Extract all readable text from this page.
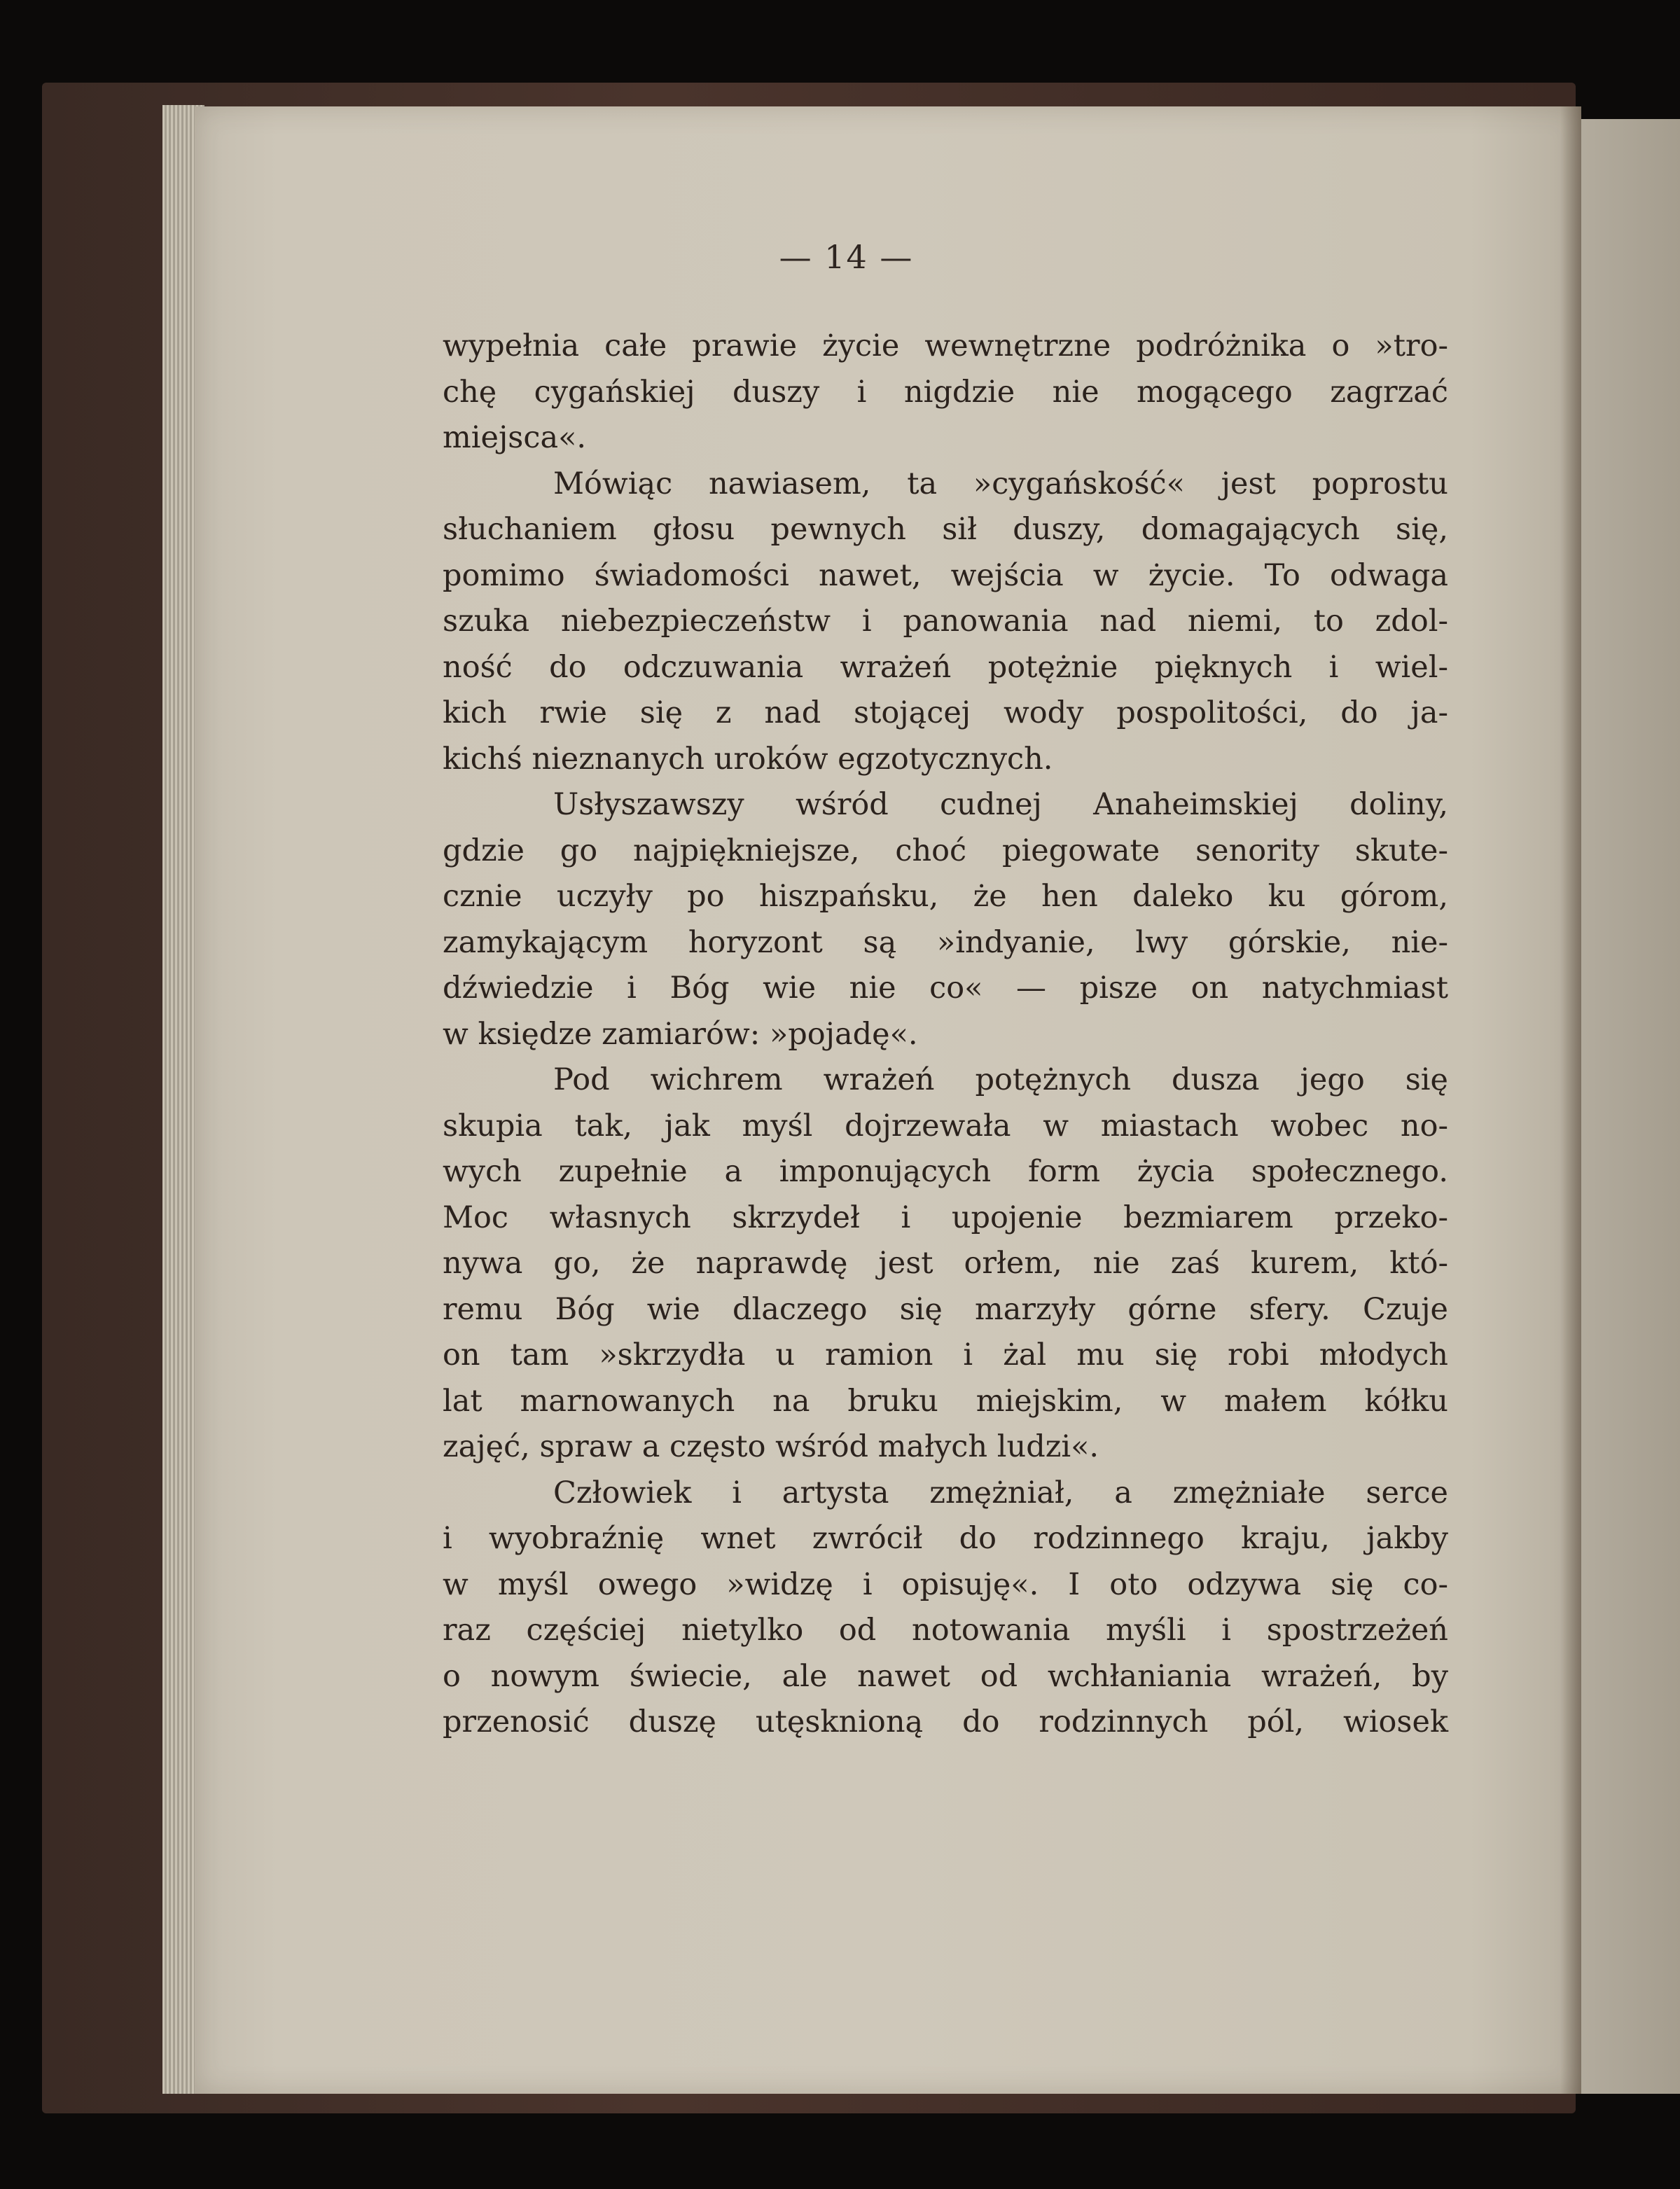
— 14 —

wypełnia całe prawie życie wewnętrzne podróżnika o »tro-
chę cygańskiej duszy i nigdzie nie mogącego zagrzać
miejsca«.
Mówiąc nawiasem, ta »cygańskość« jest poprostu
słuchaniem głosu pewnych sił duszy, domagających się,
pomimo świadomości nawet, wejścia w życie. To odwaga
szuka niebezpieczeństw i panowania nad niemi, to zdol-
ność do odczuwania wrażeń potężnie pięknych i wiel-
kich rwie się z nad stojącej wody pospolitości, do ja-
kichś nieznanych uroków egzotycznych.
Usłyszawszy wśród cudnej Anaheimskiej doliny,
gdzie go najpiękniejsze, choć piegowate senority skute-
cznie uczyły po hiszpańsku, że hen daleko ku górom,
zamykającym horyzont są »indyanie, lwy górskie, nie-
dźwiedzie i Bóg wie nie co« — pisze on natychmiast
w księdze zamiarów: »pojadę«.
Pod wichrem wrażeń potężnych dusza jego się
skupia tak, jak myśl dojrzewała w miastach wobec no-
wych zupełnie a imponujących form życia społecznego.
Moc własnych skrzydeł i upojenie bezmiarem przeko-
nywa go, że naprawdę jest orłem, nie zaś kurem, któ-
remu Bóg wie dlaczego się marzyły górne sfery. Czuje
on tam »skrzydła u ramion i żal mu się robi młodych
lat marnowanych na bruku miejskim, w małem kółku
zajęć, spraw a często wśród małych ludzi«.
Człowiek i artysta zmężniał, a zmężniałe serce
i wyobraźnię wnet zwrócił do rodzinnego kraju, jakby
w myśl owego »widzę i opisuję«. I oto odzywa się co-
raz częściej nietylko od notowania myśli i spostrzeżeń
o nowym świecie, ale nawet od wchłaniania wrażeń, by
przenosić duszę utęsknioną do rodzinnych pól, wiosek
